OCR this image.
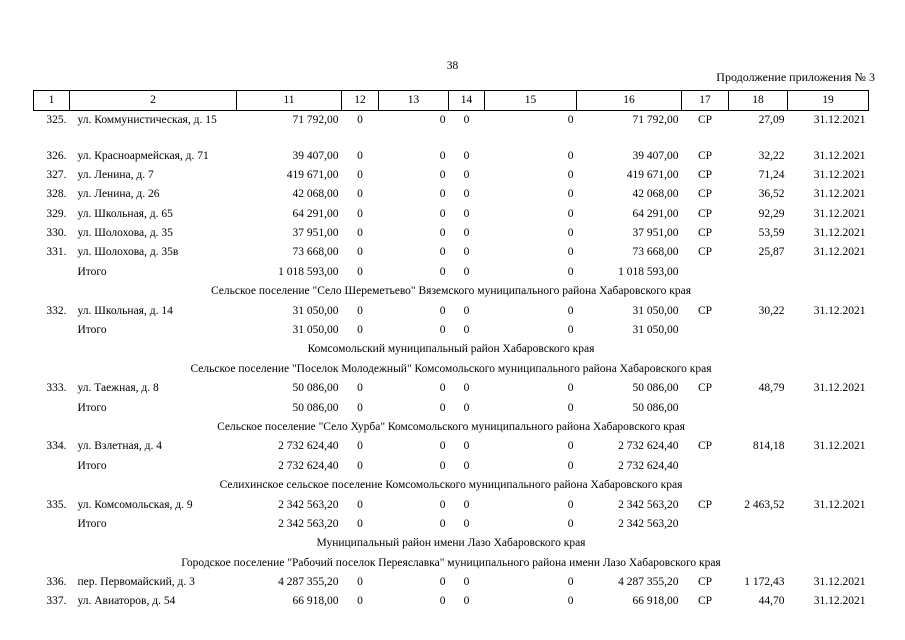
38
Продолжение приложения № 3
1	2	11	12	13	14	15	16	17	18	19
325.	ул. Коммунистическая, д. 15	71 792,00	0	0	0	0	71 792,00	СР	27,09	31.12.2021
326.	ул. Красноармейская, д. 71	39 407,00	0	0	0	0	39 407,00	СР	32,22	31.12.2021
327.	ул. Ленина, д. 7	419 671,00	0	0	0	0	419 671,00	СР	71,24	31.12.2021
328.	ул. Ленина, д. 26	42 068,00	0	0	0	0	42 068,00	СР	36,52	31.12.2021
329.	ул. Школьная, д. 65	64 291,00	0	0	0	0	64 291,00	СР	92,29	31.12.2021
330.	ул. Шолохова, д. 35	37 951,00	0	0	0	0	37 951,00	СР	53,59	31.12.2021
331.	ул. Шолохова, д. 35в	73 668,00	0	0	0	0	73 668,00	СР	25,87	31.12.2021
	Итого	1 018 593,00	0	0	0	0	1 018 593,00			
Сельское поселение "Село Шереметьево" Вяземского муниципального района Хабаровского края										
332.	ул. Школьная, д. 14	31 050,00	0	0	0	0	31 050,00	СР	30,22	31.12.2021
	Итого	31 050,00	0	0	0	0	31 050,00			
Комсомольский муниципальный район Хабаровского края										
Сельское поселение "Поселок Молодежный" Комсомольского муниципального района Хабаровского края										
333.	ул. Таежная, д. 8	50 086,00	0	0	0	0	50 086,00	СР	48,79	31.12.2021
	Итого	50 086,00	0	0	0	0	50 086,00			
Сельское поселение "Село Хурба" Комсомольского муниципального района Хабаровского края										
334.	ул. Взлетная, д. 4	2 732 624,40	0	0	0	0	2 732 624,40	СР	814,18	31.12.2021
	Итого	2 732 624,40	0	0	0	0	2 732 624,40			
Селихинское сельское поселение Комсомольского муниципального района Хабаровского края										
335.	ул. Комсомольская, д. 9	2 342 563,20	0	0	0	0	2 342 563,20	СР	2 463,52	31.12.2021
	Итого	2 342 563,20	0	0	0	0	2 342 563,20			
Муниципальный район имени Лазо Хабаровского края										
Городское поселение "Рабочий поселок Переяславка" муниципального района имени Лазо Хабаровского края										
336.	пер. Первомайский, д. 3	4 287 355,20	0	0	0	0	4 287 355,20	СР	1 172,43	31.12.2021
337.	ул. Авиаторов, д. 54	66 918,00	0	0	0	0	66 918,00	СР	44,70	31.12.2021
